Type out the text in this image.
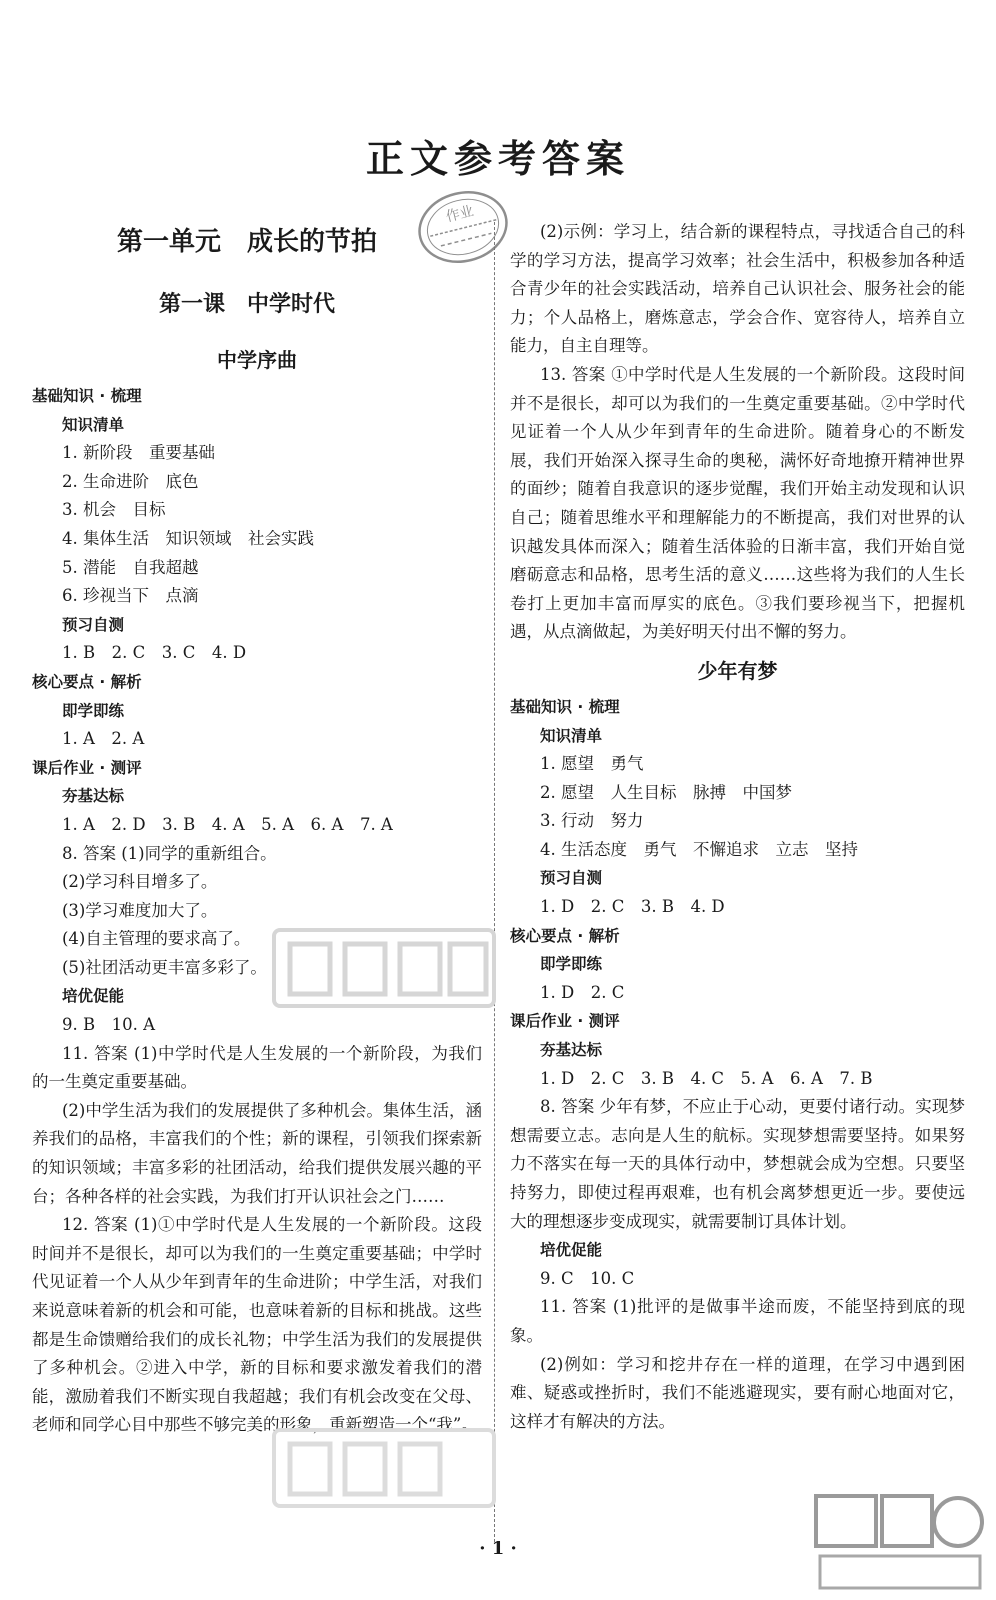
正文参考答案
作业
第一单元　成长的节拍
第一课　中学时代
中学序曲
基础知识 · 梳理
知识清单
1. 新阶段　重要基础
2. 生命进阶　底色
3. 机会　目标
4. 集体生活　知识领域　社会实践
5. 潜能　自我超越
6. 珍视当下　点滴
预习自测
1. B　2. C　3. C　4. D
核心要点 · 解析
即学即练
1. A　2. A
课后作业 · 测评
夯基达标
1. A　2. D　3. B　4. A　5. A　6. A　7. A
8. 答案 (1)同学的重新组合。
(2)学习科目增多了。
(3)学习难度加大了。
(4)自主管理的要求高了。
(5)社团活动更丰富多彩了。
培优促能
9. B　10. A
11. 答案 (1)中学时代是人生发展的一个新阶段，为我们的一生奠定重要基础。
(2)中学生活为我们的发展提供了多种机会。集体生活，涵养我们的品格，丰富我们的个性；新的课程，引领我们探索新的知识领域；丰富多彩的社团活动，给我们提供发展兴趣的平台；各种各样的社会实践，为我们打开认识社会之门……
12. 答案 (1)①中学时代是人生发展的一个新阶段。这段时间并不是很长，却可以为我们的一生奠定重要基础；中学时代见证着一个人从少年到青年的生命进阶；中学生活，对我们来说意味着新的机会和可能，也意味着新的目标和挑战。这些都是生命馈赠给我们的成长礼物；中学生活为我们的发展提供了多种机会。②进入中学，新的目标和要求激发着我们的潜能，激励着我们不断实现自我超越；我们有机会改变在父母、老师和同学心目中那些不够完美的形象，重新塑造一个“我”。
(2)示例：学习上，结合新的课程特点，寻找适合自己的科学的学习方法，提高学习效率；社会生活中，积极参加各种适合青少年的社会实践活动，培养自己认识社会、服务社会的能力；个人品格上，磨炼意志，学会合作、宽容待人，培养自立能力，自主自理等。
13. 答案 ①中学时代是人生发展的一个新阶段。这段时间并不是很长，却可以为我们的一生奠定重要基础。②中学时代见证着一个人从少年到青年的生命进阶。随着身心的不断发展，我们开始深入探寻生命的奥秘，满怀好奇地撩开精神世界的面纱；随着自我意识的逐步觉醒，我们开始主动发现和认识自己；随着思维水平和理解能力的不断提高，我们对世界的认识越发具体而深入；随着生活体验的日渐丰富，我们开始自觉磨砺意志和品格，思考生活的意义……这些将为我们的人生长卷打上更加丰富而厚实的底色。③我们要珍视当下，把握机遇，从点滴做起，为美好明天付出不懈的努力。
少年有梦
基础知识 · 梳理
知识清单
1. 愿望　勇气
2. 愿望　人生目标　脉搏　中国梦
3. 行动　努力
4. 生活态度　勇气　不懈追求　立志　坚持
预习自测
1. D　2. C　3. B　4. D
核心要点 · 解析
即学即练
1. D　2. C
课后作业 · 测评
夯基达标
1. D　2. C　3. B　4. C　5. A　6. A　7. B
8. 答案 少年有梦，不应止于心动，更要付诸行动。实现梦想需要立志。志向是人生的航标。实现梦想需要坚持。如果努力不落实在每一天的具体行动中，梦想就会成为空想。只要坚持努力，即使过程再艰难，也有机会离梦想更近一步。要使远大的理想逐步变成现实，就需要制订具体计划。
培优促能
9. C　10. C
11. 答案 (1)批评的是做事半途而废，不能坚持到底的现象。
(2)例如：学习和挖井存在一样的道理，在学习中遇到困难、疑惑或挫折时，我们不能逃避现实，要有耐心地面对它，这样才有解决的方法。
· 1 ·
